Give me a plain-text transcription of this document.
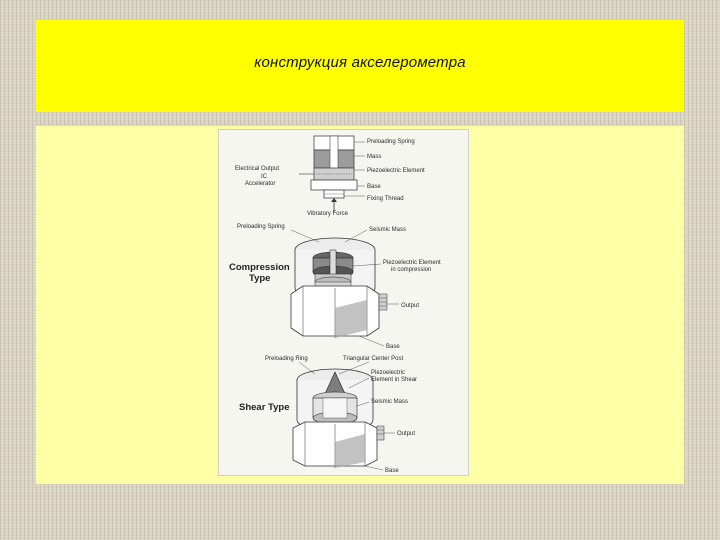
конструкция акселерометра
Preloading Spring
Mass
Piezoelectric Element
Base
Fixing Thread
Electrical Output
IC
Accelerator
Vibratory Force
Preloading Spring	Seismic Mass
Compression
Type
Piezoelectric Element
in compression
Output
Base
Preloading Ring	Triangular Center Post
Piezoelectric
Element in Shear
Shear Type	Seismic Mass
Output
Base
